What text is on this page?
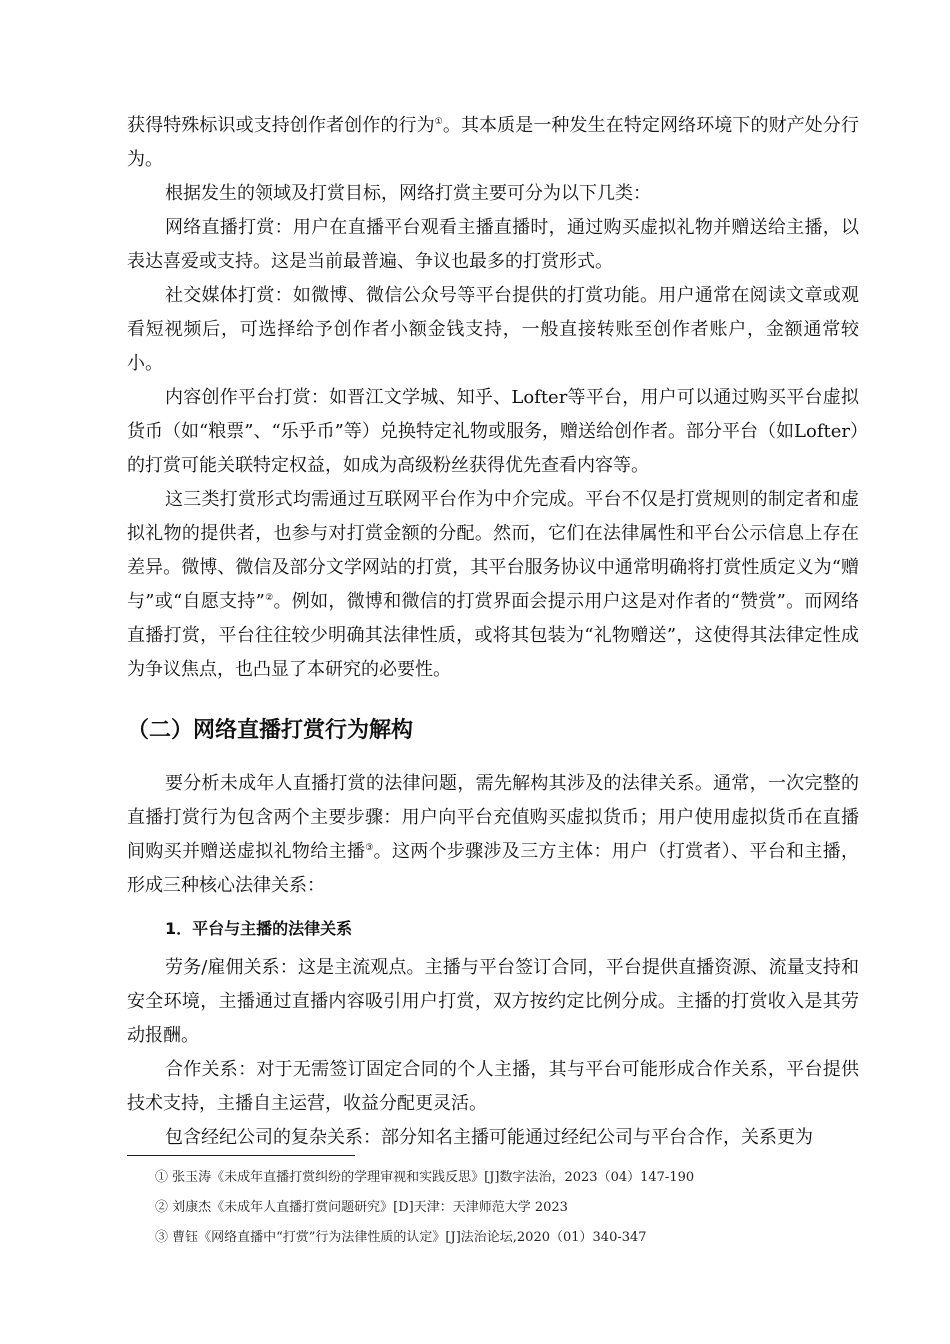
获得特殊标识或支持创作者创作的行为①。其本质是一种发生在特定网络环境下的财产处分行为。

根据发生的领域及打赏目标，网络打赏主要可分为以下几类：

网络直播打赏：用户在直播平台观看主播直播时，通过购买虚拟礼物并赠送给主播，以表达喜爱或支持。这是当前最普遍、争议也最多的打赏形式。

社交媒体打赏：如微博、微信公众号等平台提供的打赏功能。用户通常在阅读文章或观看短视频后，可选择给予创作者小额金钱支持，一般直接转账至创作者账户，金额通常较小。

内容创作平台打赏：如晋江文学城、知乎、Lofter等平台，用户可以通过购买平台虚拟货币（如“粮票”、“乐乎币”等）兑换特定礼物或服务，赠送给创作者。部分平台（如Lofter）的打赏可能关联特定权益，如成为高级粉丝获得优先查看内容等。

这三类打赏形式均需通过互联网平台作为中介完成。平台不仅是打赏规则的制定者和虚拟礼物的提供者，也参与对打赏金额的分配。然而，它们在法律属性和平台公示信息上存在差异。微博、微信及部分文学网站的打赏，其平台服务协议中通常明确将打赏性质定义为“赠与”或“自愿支持”②。例如，微博和微信的打赏界面会提示用户这是对作者的“赞赏”。而网络直播打赏，平台往往较少明确其法律性质，或将其包装为“礼物赠送”，这使得其法律定性成为争议焦点，也凸显了本研究的必要性。

（二）网络直播打赏行为解构

要分析未成年人直播打赏的法律问题，需先解构其涉及的法律关系。通常，一次完整的直播打赏行为包含两个主要步骤：用户向平台充值购买虚拟货币；用户使用虚拟货币在直播间购买并赠送虚拟礼物给主播③。这两个步骤涉及三方主体：用户（打赏者）、平台和主播，形成三种核心法律关系：

1．平台与主播的法律关系

劳务/雇佣关系：这是主流观点。主播与平台签订合同，平台提供直播资源、流量支持和安全环境，主播通过直播内容吸引用户打赏，双方按约定比例分成。主播的打赏收入是其劳动报酬。

合作关系：对于无需签订固定合同的个人主播，其与平台可能形成合作关系，平台提供技术支持，主播自主运营，收益分配更灵活。

包含经纪公司的复杂关系：部分知名主播可能通过经纪公司与平台合作，关系更为

① 张玉涛《未成年直播打赏纠纷的学理审视和实践反思》[J]数字法治，2023（04）147-190
② 刘康杰《未成年人直播打赏问题研究》[D]天津：天津师范大学 2023
③ 曹钰《网络直播中“打赏”行为法律性质的认定》[J]法治论坛,2020（01）340-347
